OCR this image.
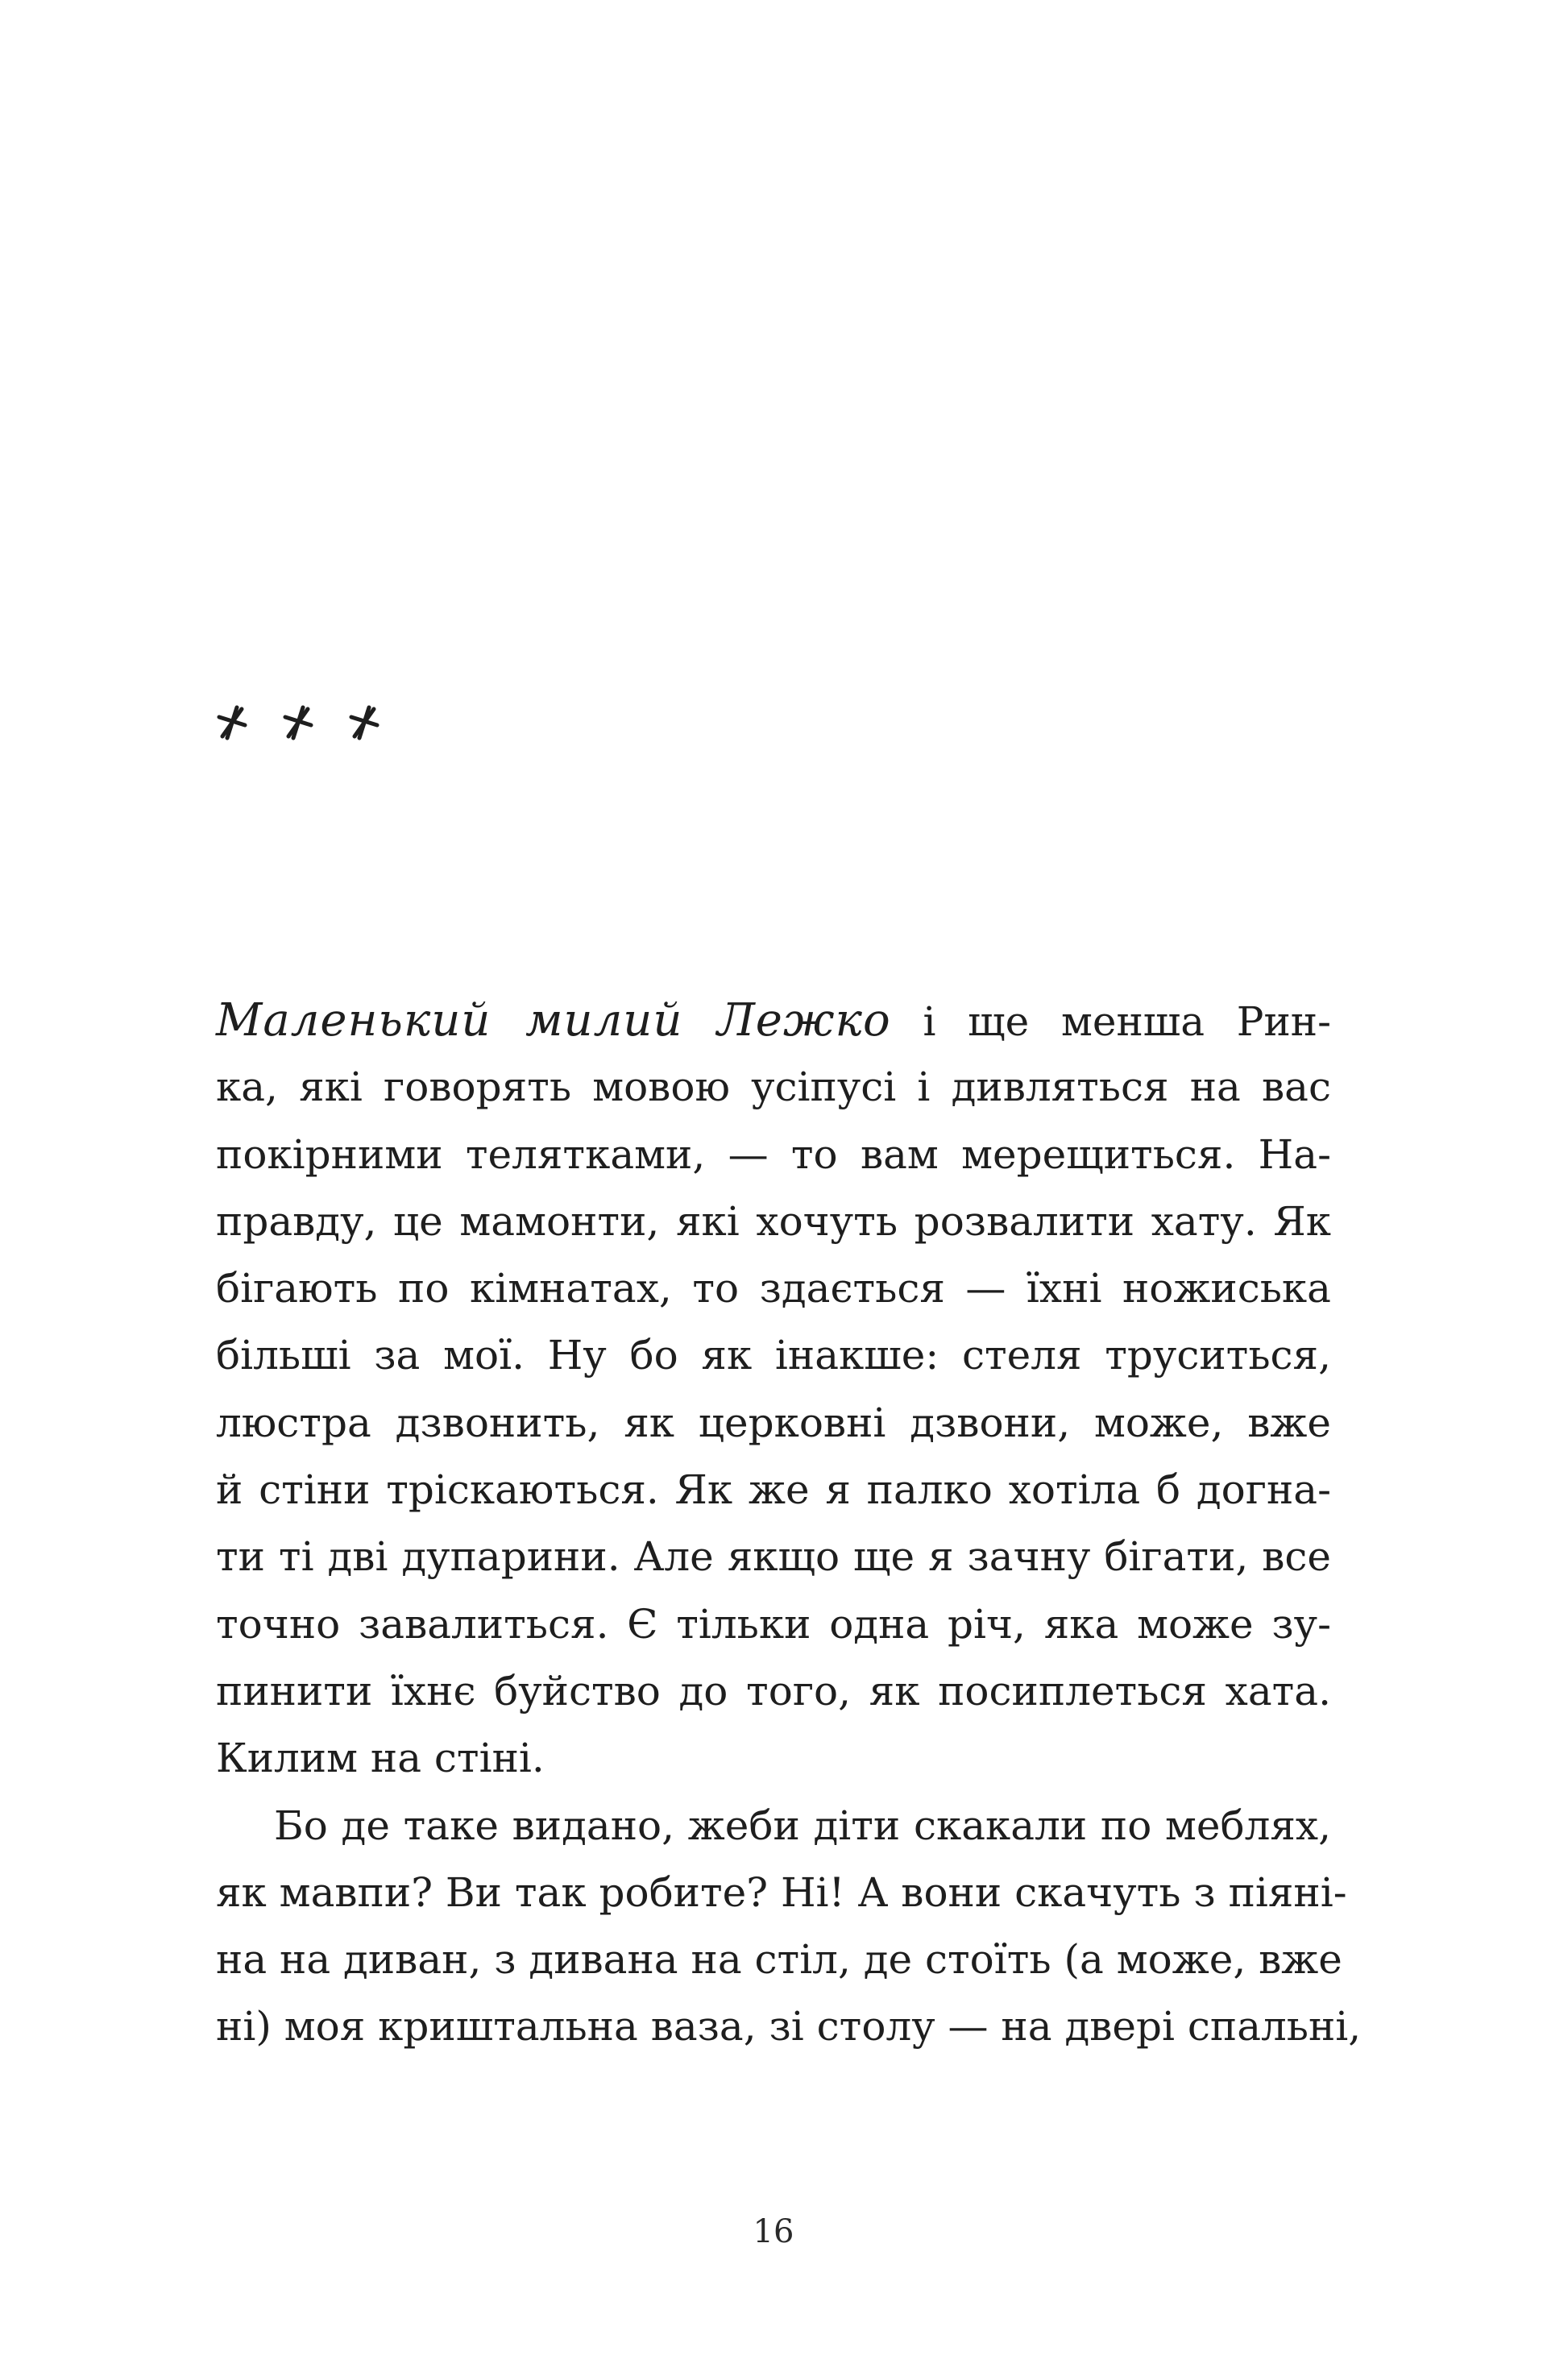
Маленький милий Лежко і ще менша Рин-
ка, які говорять мовою усіпусі і дивляться на вас
покірними телятками, — то вам мерещиться. На-
правду, це мамонти, які хочуть розвалити хату. Як
бігають по кімнатах, то здається — їхні ножиська
більші за мої. Ну бо як інакше: стеля труситься,
люстра дзвонить, як церковні дзвони, може, вже
й стіни тріскаються. Як же я палко хотіла б догна-
ти ті дві дупарини. Але якщо ще я зачну бігати, все
точно завалиться. Є тільки одна річ, яка може зу-
пинити їхнє буйство до того, як посиплеться хата.
Килим на стіні.
Бо де таке видано, жеби діти скакали по меблях,
як мавпи? Ви так робите? Ні! А вони скачуть з піяні-
на на диван, з дивана на стіл, де стоїть (а може, вже
ні) моя криштальна ваза, зі столу — на двері спальні,
16
